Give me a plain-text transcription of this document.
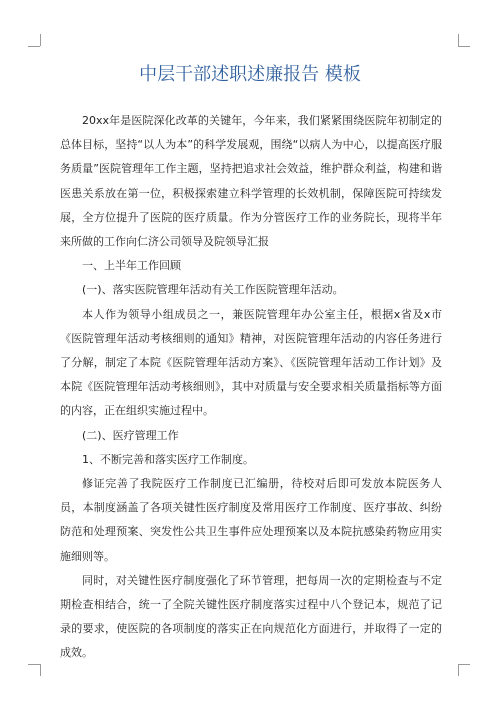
中层干部述职述廉报告 模板

20xx年是医院深化改革的关键年，今年来，我们紧紧围绕医院年初制定的总体目标，坚持“以人为本”的科学发展观，围绕“以病人为中心，以提高医疗服务质量”医院管理年工作主题，坚持把追求社会效益，维护群众利益，构建和谐医患关系放在第一位，积极探索建立科学管理的长效机制，保障医院可持续发展，全方位提升了医院的医疗质量。作为分管医疗工作的业务院长，现将半年来所做的工作向仁济公司领导及院领导汇报

一、上半年工作回顾

(一)、落实医院管理年活动有关工作医院管理年活动。

本人作为领导小组成员之一，兼医院管理年办公室主任，根据x省及x市《医院管理年活动考核细则的通知》精神，对医院管理年活动的内容任务进行了分解，制定了本院《医院管理年活动方案》、《医院管理年活动工作计划》及本院《医院管理年活动考核细则》，其中对质量与安全要求相关质量指标等方面的内容，正在组织实施过程中。

(二)、医疗管理工作

1、不断完善和落实医疗工作制度。

修证完善了我院医疗工作制度已汇编册，待校对后即可发放本院医务人员，本制度涵盖了各项关键性医疗制度及常用医疗工作制度、医疗事故、纠纷防范和处理预案、突发性公共卫生事件应处理预案以及本院抗感染药物应用实施细则等。

同时，对关键性医疗制度强化了环节管理，把每周一次的定期检查与不定期检查相结合，统一了全院关键性医疗制度落实过程中八个登记本，规范了记录的要求，使医院的各项制度的落实正在向规范化方面进行，并取得了一定的成效。
